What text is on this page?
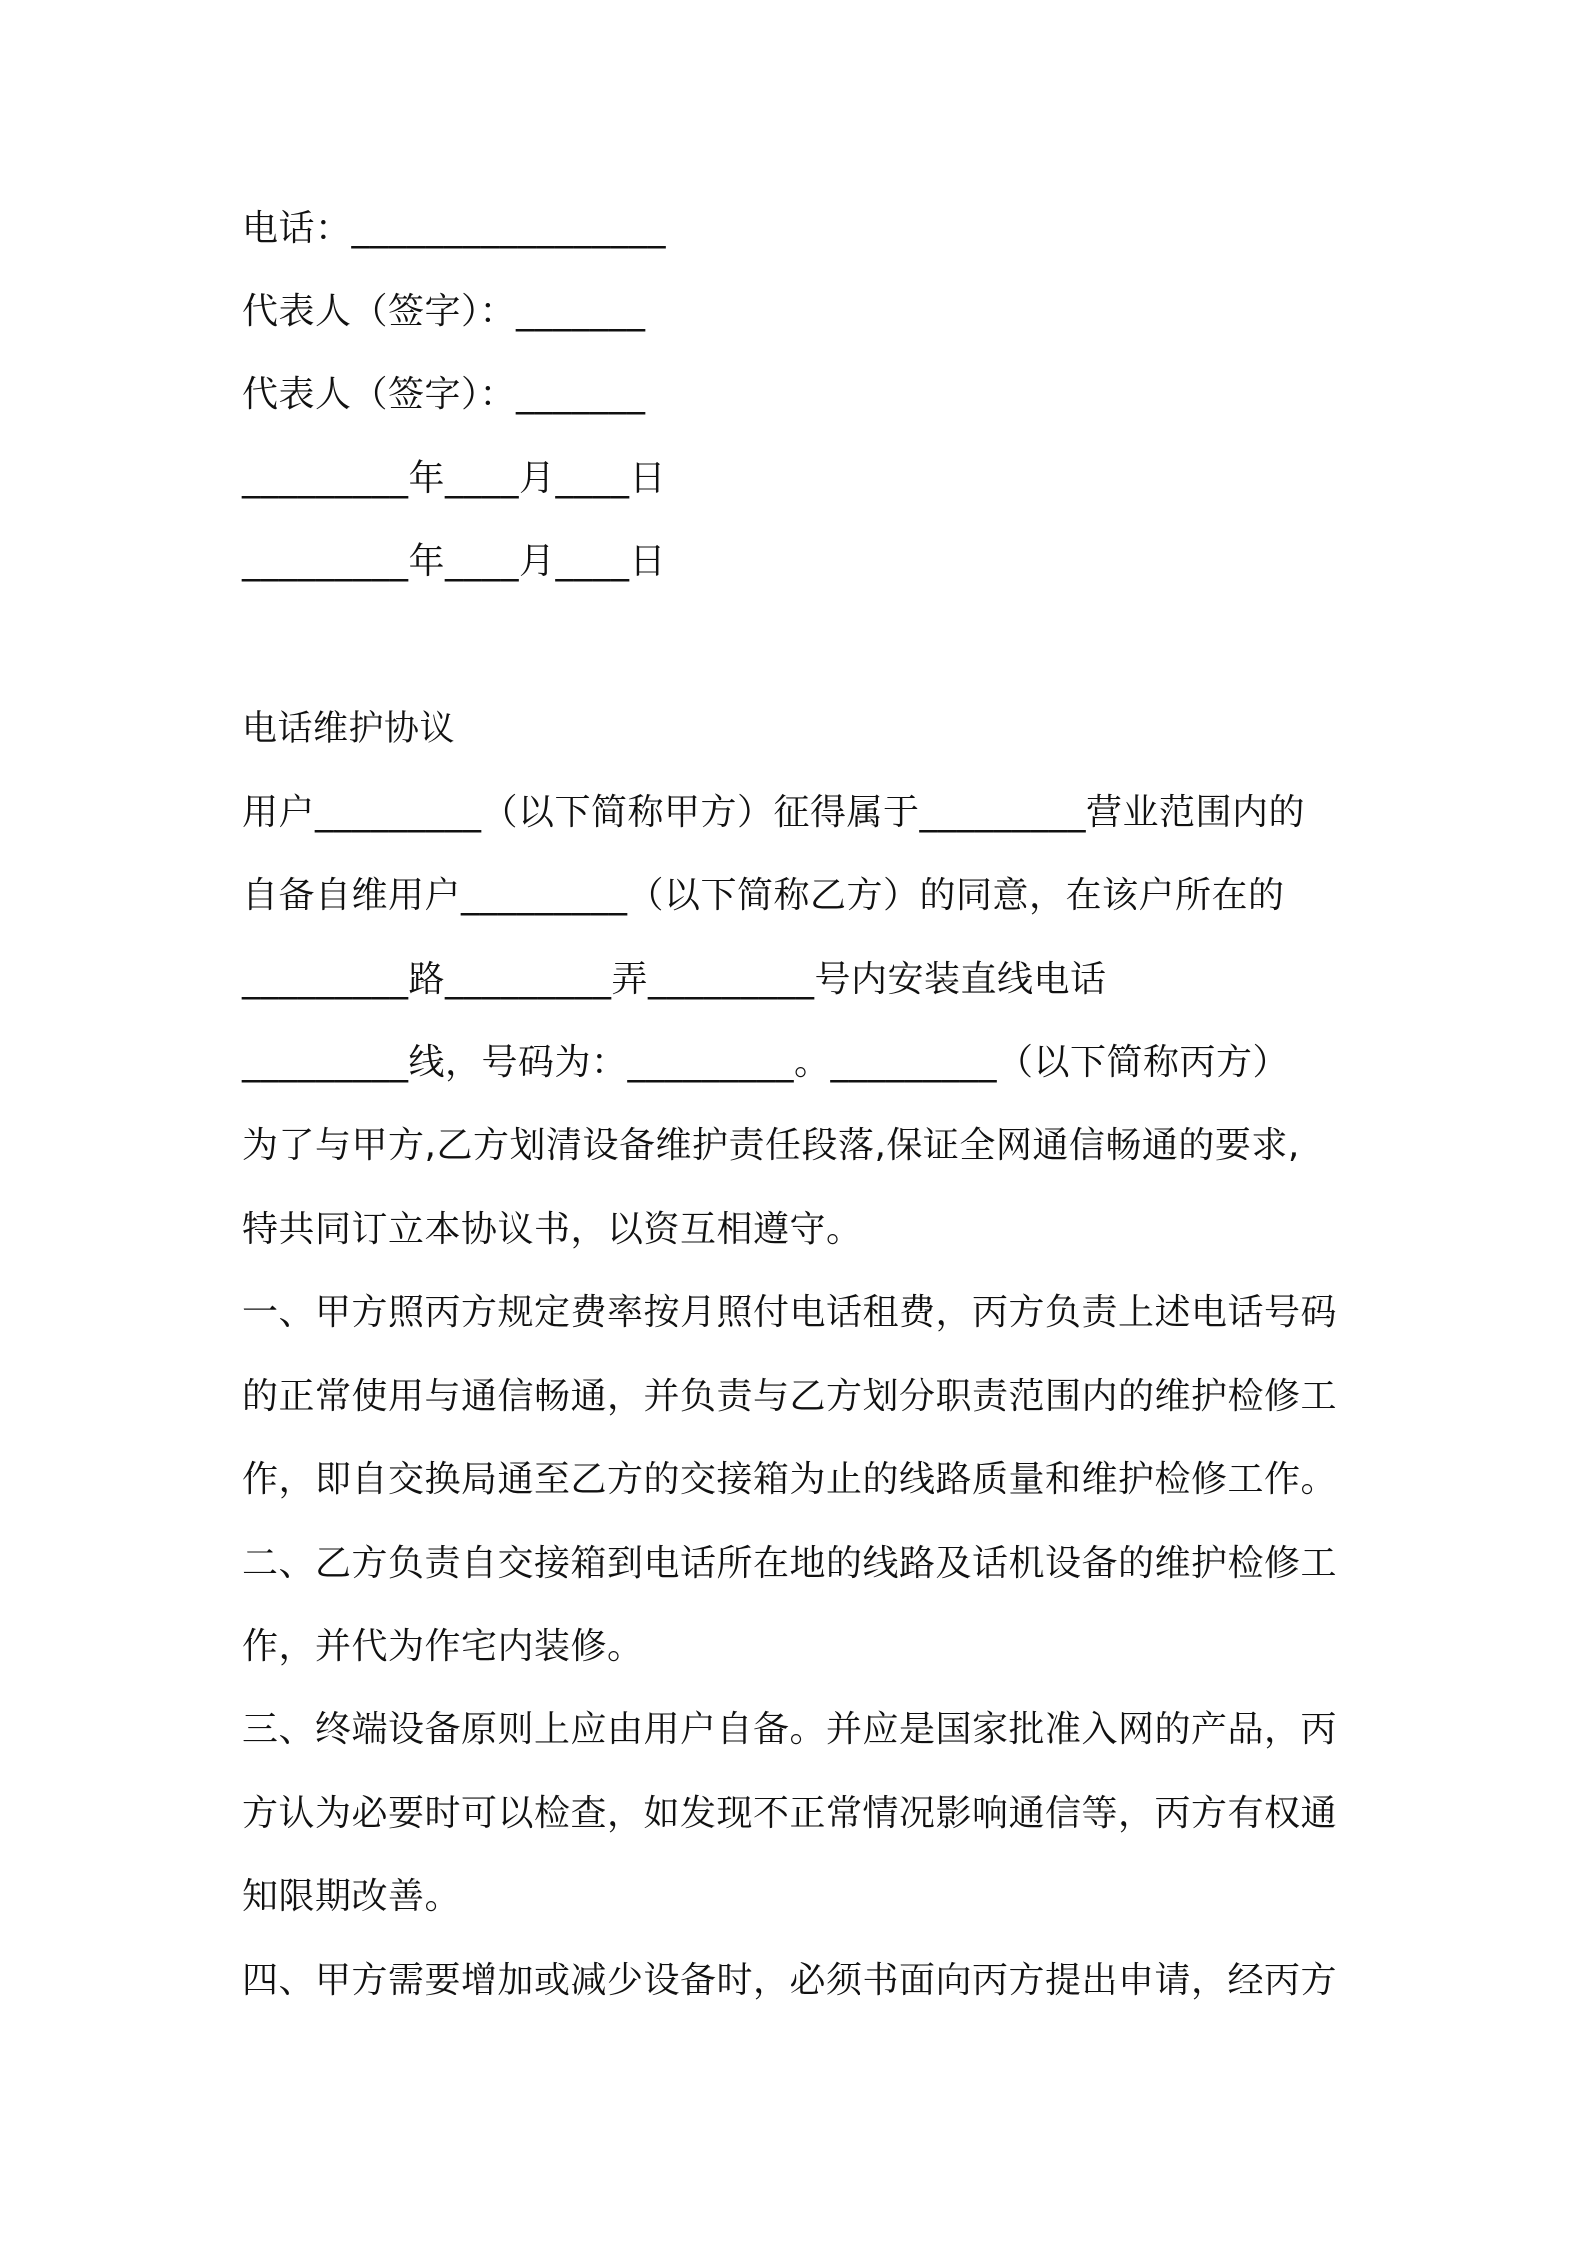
电话：_________________
代表人（签字）：_______
代表人（签字）：_______
_________年____月____日
_________年____月____日
电话维护协议
用户_________（以下简称甲方）征得属于_________营业范围内的
自备自维用户_________（以下简称乙方）的同意，在该户所在的
_________路_________弄_________号内安装直线电话
_________线，号码为：_________。_________（以下简称丙方）
为了与甲方,乙方划清设备维护责任段落,保证全网通信畅通的要求,
特共同订立本协议书，以资互相遵守。
一、甲方照丙方规定费率按月照付电话租费，丙方负责上述电话号码
的正常使用与通信畅通，并负责与乙方划分职责范围内的维护检修工
作，即自交换局通至乙方的交接箱为止的线路质量和维护检修工作。
二、乙方负责自交接箱到电话所在地的线路及话机设备的维护检修工
作，并代为作宅内装修。
三、终端设备原则上应由用户自备。并应是国家批准入网的产品，丙
方认为必要时可以检查，如发现不正常情况影响通信等，丙方有权通
知限期改善。
四、甲方需要增加或减少设备时，必须书面向丙方提出申请，经丙方
